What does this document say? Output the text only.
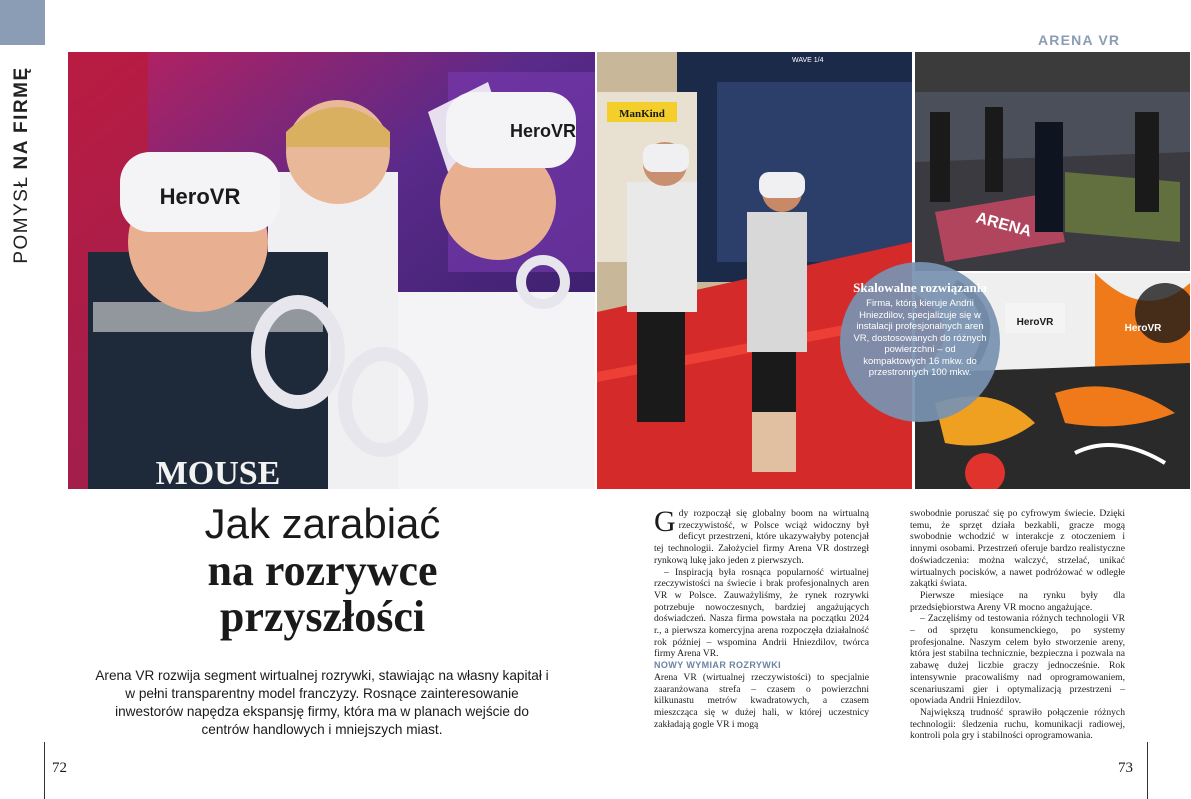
POMYSŁNA FIRMĘ
ARENA VR
HeroVR
HeroVR
MOUSE
WAVE 1/4
ManKind
ARENA
HeroVR
HeroVR
Skalowalne rozwiązania
Firma, którą kieruje Andrii Hniezdilov, specjalizuje się w instalacji profesjonalnych aren VR, dostosowanych do różnych powierzchni – od kompaktowych 16 mkw. do przestronnych 100 mkw.
Jak zarabiać
na rozrywce
przyszłości
Arena VR rozwija segment wirtualnej rozrywki, stawiając na własny kapitał i w pełni transparentny model franczyzy. Rosnące zainteresowanie inwestorów napędza ekspansję firmy, która ma w planach wejście do centrów handlowych i mniejszych miast.

Gdy rozpoczął się globalny boom na wirtualną rzeczywistość, w Polsce wciąż widoczny był deficyt przestrzeni, które ukazywałyby potencjał tej technologii. Założyciel firmy Arena VR dostrzegł rynkową lukę jako jeden z pierwszych.

– Inspiracją była rosnąca popularność wirtualnej rzeczywistości na świecie i brak profesjonalnych aren VR w Polsce. Zauważyliśmy, że rynek rozrywki potrzebuje nowoczesnych, bardziej angażujących doświadczeń. Nasza firma powstała na początku 2024 r., a pierwsza komercyjna arena rozpoczęła działalność rok później – wspomina Andrii Hniezdilov, twórca firmy Arena VR.

NOWY WYMIAR ROZRYWKI

Arena VR (wirtualnej rzeczywistości) to specjalnie zaaranżowana strefa – czasem o powierzchni kilkunastu metrów kwadratowych, a czasem mieszcząca się w dużej hali, w której uczestnicy zakładają gogle VR i mogą

swobodnie poruszać się po cyfrowym świecie. Dzięki temu, że sprzęt działa bezkabli, gracze mogą swobodnie wchodzić w interakcje z otoczeniem i innymi osobami. Przestrzeń oferuje bardzo realistyczne doświadczenia: można walczyć, strzelać, unikać wirtualnych pocisków, a nawet podróżować w odległe zakątki świata.

Pierwsze miesiące na rynku były dla przedsiębiorstwa Areny VR mocno angażujące.

– Zaczęliśmy od testowania różnych technologii VR – od sprzętu konsumenckiego, po systemy profesjonalne. Naszym celem było stworzenie areny, która jest stabilna technicznie, bezpieczna i pozwala na zabawę dużej liczbie graczy jednocześnie. Rok intensywnie pracowaliśmy nad oprogramowaniem, scenariuszami gier i optymalizacją przestrzeni – opowiada Andrii Hniezdilov.

Największą trudność sprawiło połączenie różnych technologii: śledzenia ruchu, komunikacji radiowej, kontroli pola gry i stabilności oprogramowania.

72	73
